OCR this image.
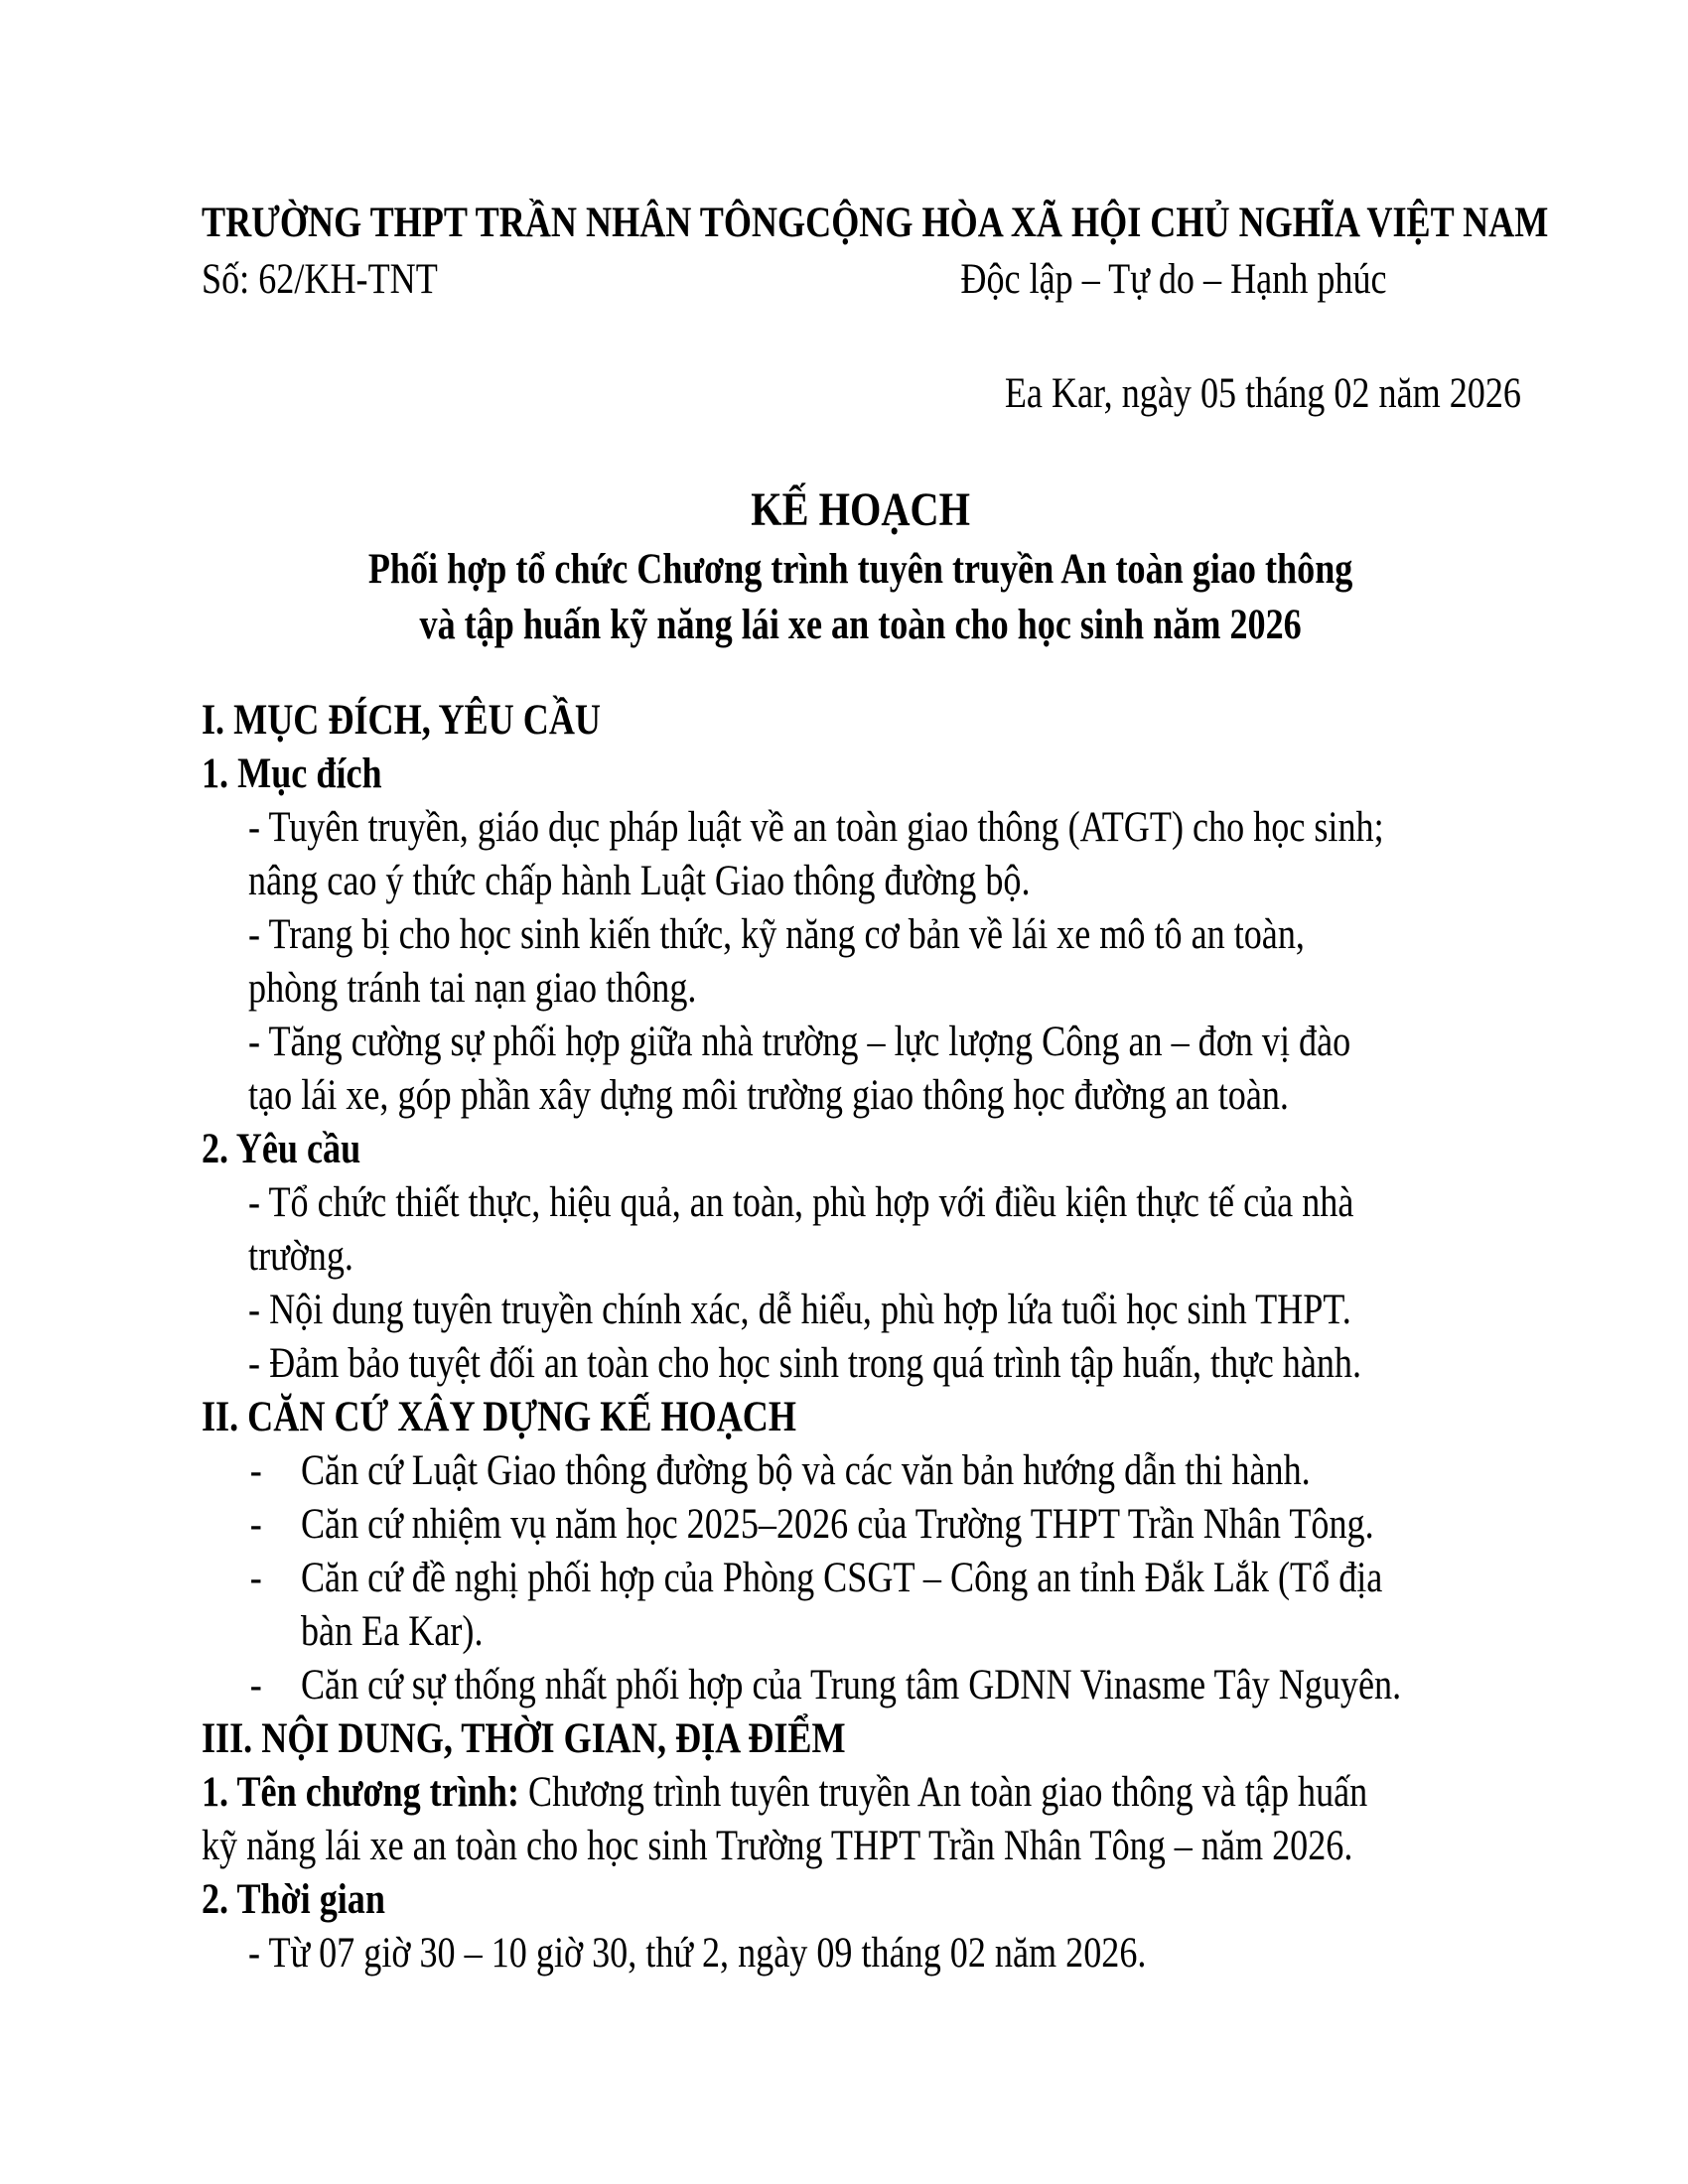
TRƯỜNG THPT TRẦN NHÂN TÔNG
Số: 62/KH-TNT
CỘNG HÒA XÃ HỘI CHỦ NGHĨA VIỆT NAM
Độc lập – Tự do – Hạnh phúc
Ea Kar, ngày 05 tháng 02 năm 2026
KẾ HOẠCH
Phối hợp tổ chức Chương trình tuyên truyền An toàn giao thông
và tập huấn kỹ năng lái xe an toàn cho học sinh năm 2026
I. MỤC ĐÍCH, YÊU CẦU
1. Mục đích
- Tuyên truyền, giáo dục pháp luật về an toàn giao thông (ATGT) cho học sinh;
nâng cao ý thức chấp hành Luật Giao thông đường bộ.
- Trang bị cho học sinh kiến thức, kỹ năng cơ bản về lái xe mô tô an toàn,
phòng tránh tai nạn giao thông.
- Tăng cường sự phối hợp giữa nhà trường – lực lượng Công an – đơn vị đào
tạo lái xe, góp phần xây dựng môi trường giao thông học đường an toàn.
2. Yêu cầu
- Tổ chức thiết thực, hiệu quả, an toàn, phù hợp với điều kiện thực tế của nhà
trường.
- Nội dung tuyên truyền chính xác, dễ hiểu, phù hợp lứa tuổi học sinh THPT.
- Đảm bảo tuyệt đối an toàn cho học sinh trong quá trình tập huấn, thực hành.
II. CĂN CỨ XÂY DỰNG KẾ HOẠCH
- Căn cứ Luật Giao thông đường bộ và các văn bản hướng dẫn thi hành.
- Căn cứ nhiệm vụ năm học 2025–2026 của Trường THPT Trần Nhân Tông.
- Căn cứ đề nghị phối hợp của Phòng CSGT – Công an tỉnh Đắk Lắk (Tổ địa
bàn Ea Kar).
- Căn cứ sự thống nhất phối hợp của Trung tâm GDNN Vinasme Tây Nguyên.
III. NỘI DUNG, THỜI GIAN, ĐỊA ĐIỂM
1. Tên chương trình: Chương trình tuyên truyền An toàn giao thông và tập huấn
kỹ năng lái xe an toàn cho học sinh Trường THPT Trần Nhân Tông – năm 2026.
2. Thời gian
- Từ 07 giờ 30 – 10 giờ 30, thứ 2, ngày 09 tháng 02 năm 2026.
